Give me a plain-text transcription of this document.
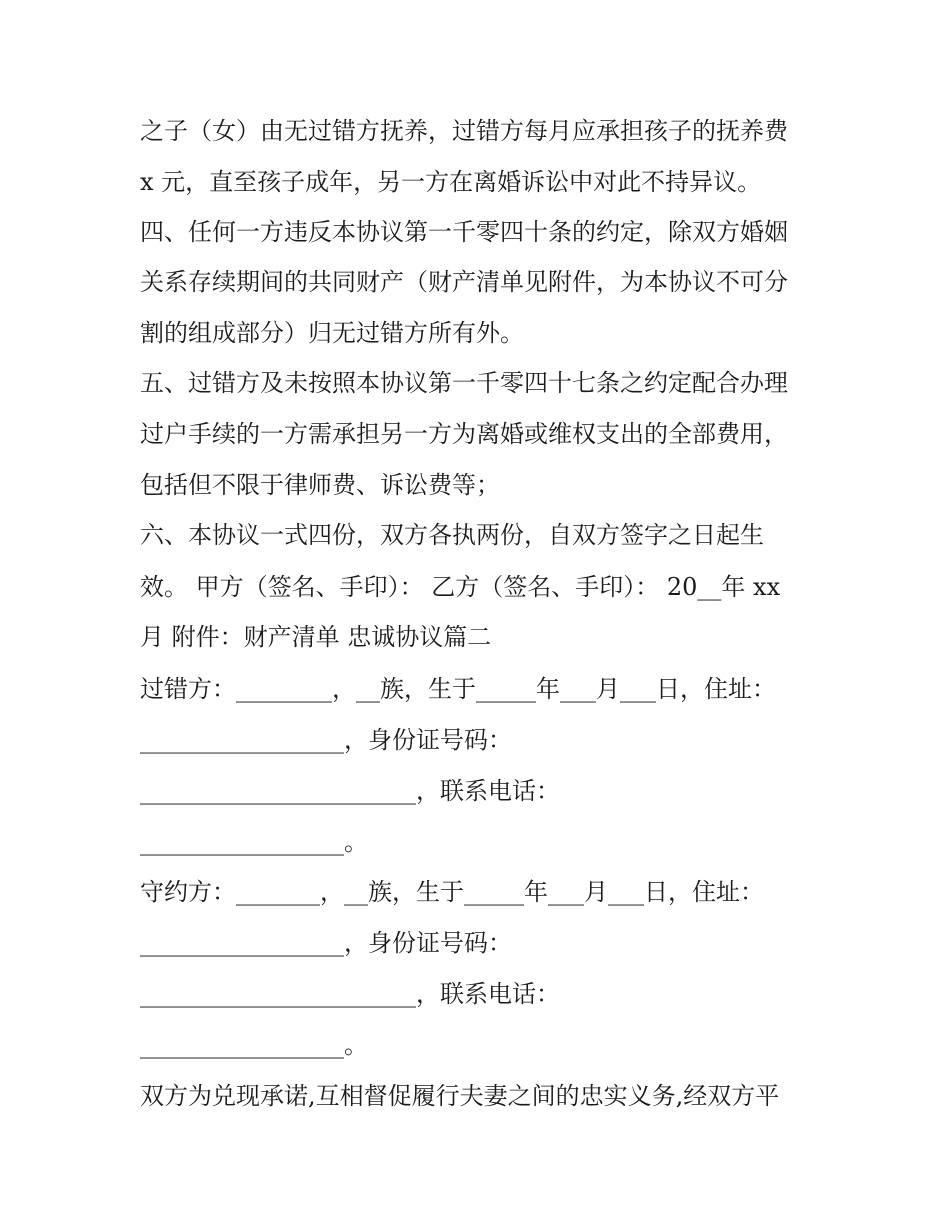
之子（女）由无过错方抚养，过错方每月应承担孩子的抚养费
x 元，直至孩子成年，另一方在离婚诉讼中对此不持异议。
四、任何一方违反本协议第一千零四十条的约定，除双方婚姻
关系存续期间的共同财产（财产清单见附件，为本协议不可分
割的组成部分）归无过错方所有外。
五、过错方及未按照本协议第一千零四十七条之约定配合办理
过户手续的一方需承担另一方为离婚或维权支出的全部费用，
包括但不限于律师费、诉讼费等；
六、本协议一式四份，双方各执两份，自双方签字之日起生
效。 甲方（签名、手印）： 乙方（签名、手印）： 20__年 xx
月 附件：财产清单 忠诚协议篇二
过错方：________，__族，生于_____年___月___日，住址：
_________________，身份证号码：
_______________________，联系电话：
_________________。
守约方：_______，__族，生于_____年___月___日，住址：
_________________，身份证号码：
_______________________，联系电话：
_________________。
双方为兑现承诺,互相督促履行夫妻之间的忠实义务,经双方平
